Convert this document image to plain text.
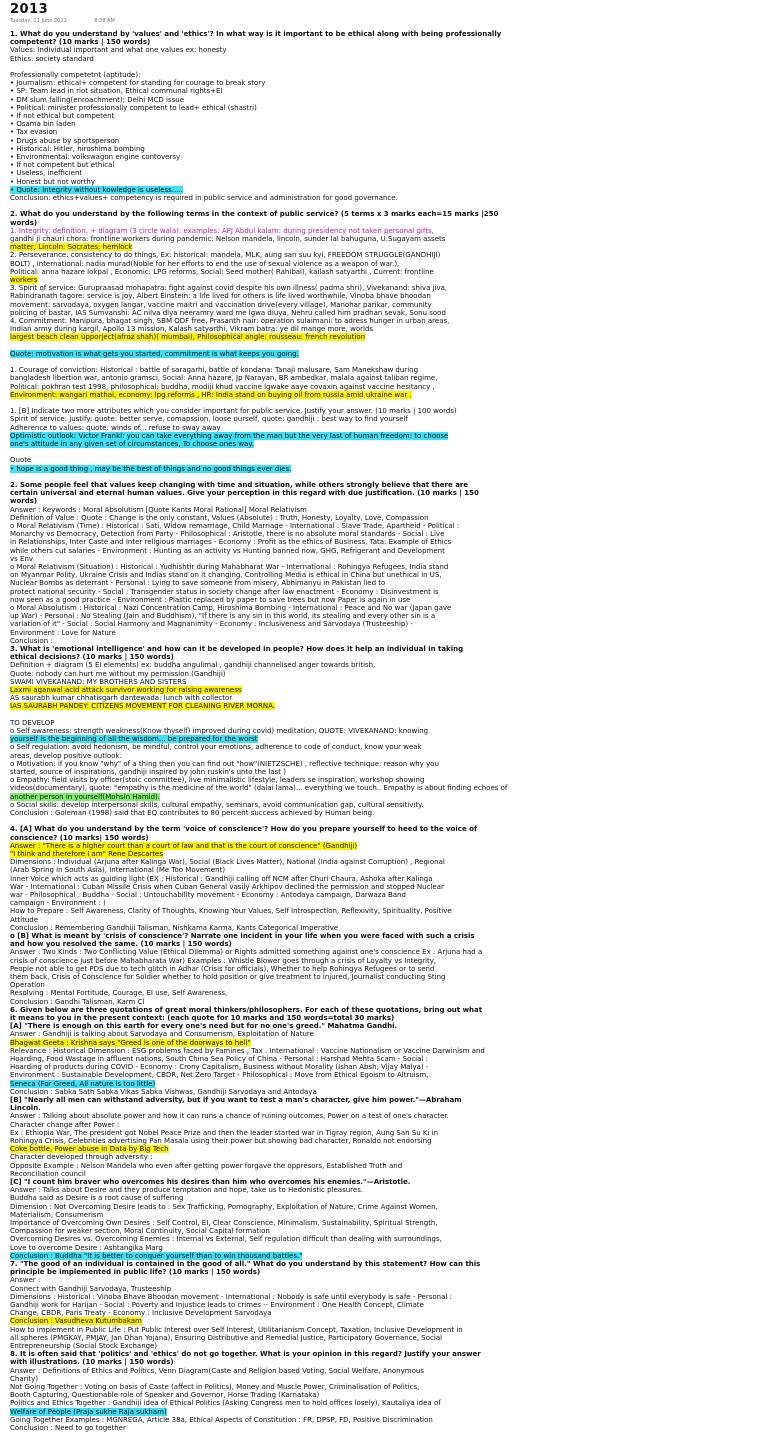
2013
Tuesday, 21 June 2022	8:38 AM
1. What do you understand by 'values' and 'ethics'? In what way is it important to be ethical along with being professionally
competent? (10 marks | 150 words)
Values: Individual important and what one values ex: honesty
Ethics: society standard
Professionally competetnt (aptitude):
• Journalism: ethical+ competent for standing for courage to break story
• SP: Team lead in riot situation, Ethical communal rights+EI
• DM slum falling(enroachment); Delhi MCD issue
• Political: minister professionally competent to lead+ ethical (shastri)
• If not ethical but competent
• Osama bin laden
• Tax evasion
• Drugs abuse by sportsperson
• Historical: Hitler, hiroshima bombing
• Environmental: volkswagon engine contoversy
• If not competent but ethical
• Useless, inefficient
• Honest but not worthy
• Quote: integrity without kowledge is useless.....
Conclusion: ethics+values+ competency is required in public service and administration for good governance.
2. What do you understand by the following terms in the context of public service? (5 terms x 3 marks each=15 marks |250
words)
1. Integrity: definition: + diagram (3 circle wala): examples: APJ Abdul kalam: during presidency not taken personal gifts,
gandhi ji chauri chora: frontline workers during pandemic: Nelson mandela, lincoln, sunder lal bahuguna, U.Sugayam assets
matter, Lincoln: Socrates: hemlock
2. Perseverance: consistency to do things, Ex: historical: mandela, MLK, aung san suu kyi, FREEDOM STRUGGLE(GANDHIJI)
BOLT) , international: nadia murad(Noble for her efforts to end the use of sexual violence as a weapon of war.),
Political: anna hazare lokpal , Economic: LPG reforms, Social: Seed mother( Rahibai), kailash satyarthi , Current: frontline
workers
3. Spirit of service: Gurupraasad mohapatra: fight against covid despite his own illness( padma shri), Vivekanand: shiva jiva,
Rabindranath tagore: service is joy, Albert Einstein: a life lived for others is life lived worthwhile, Vinoba bhave bhoodan
movement: sarvodaya, oxygen langar, vaccine maitri and vaccination drive(every village), Manohar parikar, community
policing of bastar, IAS Sumvanshi: AC nilva diya neeramry ward me lgwa diuya, Nehru called him pradhan sevak, Sonu sood
4. Commitment: Manipura, bhagat singh, SBM ODF free, Prasanth nair: operation sulaimani: to adress hunger in urban areas,
Indian army during kargil, Apollo 13 mission, Kalash satyarthi, Vikram batra: ye dil mange more, worlds
largest beach clean upporject(afroz shah)( mumbai), Philosophical angle: rousseau: french revolution
Quote: motivation is what gets you started, commitment is what keeps you going.
1. Courage of conviction: Historical : battle of saragarhi, battle of kondana: Tanaji malusare, Sam Manekshaw during
bangladesh libertion war, antonio gramsci, Social: Anna hazare, Jp Narayan, BR ambedkar, malala against taliban regime,
Political: pokhran test 1998, philosophical: buddha, modiji khud vaccine lgwake aaye covaxin against vaccine hesitancy ,
Environment: wangari mathai, economy: lpg reforms , HR: India stand on buying oil from russia amid ukraine war .
1. [B] Indicate two more attributes which you consider important for public service. Justify your answer. (10 marks | 100 words)
Spirit of service: justify: quote: better serve, comapssion, loose ourself, quote: gandhiji : best way to find yourself
Adherence to values: quote: winds of... refuse to sway away
Optimistic outlook: Victor Frankl: you can take everything away from the man but the very last of human freedom: to choose
one's attitude in any given set of circumstances, To choose ones way.
Quote
• hope is a good thing , may be the best of things and no good things ever dies.
2. Some people feel that values keep changing with time and situation, while others strongly believe that there are
certain universal and eternal human values. Give your perception in this regard with due justification. (10 marks | 150
words)
Answer : Keywords : Moral Absolutism [Quote Kants Moral Rational] Moral Relativism
Definition of Value : Quote : Change is the only constant, Values (Absolute) : Truth, Honesty, Loyalty, Love, Compassion
o Moral Relativism (Time) : Historical : Sati, Widow remarriage, Child Marriage - International : Slave Trade, Apartheid - Political :
Monarchy vs Democracy, Detection from Party - Philosophical : Aristotle, there is no absolute moral standards - Social : Live
in Relationships, Inter Caste and Inter religious marriages - Economy : Profit as the ethics of Business, Tata: Example of Ethics
while others cut salaries - Environment : Hunting as an activity vs Hunting banned now, GHG, Refrigerant and Development
vs Env
o Moral Relativism (Situation) : Historical : Yudhishtir during Mahabharat War - International : Rohingya Refugees, India stand
on Myanmar Polity, Ukraine Crisis and Indias stand on it changing, Controlling Media is ethical in China but unethical in US,
Nuclear Bombs as deterrant - Personal : Lying to save someone from misery, Abhimanyu in Pakistan lied to
protect national security - Social : Transgender status in society change after law enactment - Economy : Disinvestment is
now seen as a good practice - Environment : Plastic replaced by paper to save trees but now Paper is again in use
o Moral Absolutism : Historical : Nazi Concentration Camp, Hiroshima Bombing - International : Peace and No war (Japan gave
up War) - Personal : No Stealing (Jain and Buddhism), "If there is any sin in this world, its stealing and every other sin is a
variation of it" - Social : Social Harmony and Magnanimity - Economy : Inclusiveness and Sarvodaya (Trusteeship) -
Environment : Love for Nature
Conclusion :
3. What is 'emotional intelligence' and how can it be developed in people? How does it help an individual in taking
ethical decisions? (10 marks | 150 words)
Definition + diagram (5 EI elements) ex: buddha angulimal , gandhiji channelised anger towards british,
Quote: nobody can hurt me without my permission.(Gandhiji)
SWAMI VIVEKANAND: MY BROTHERS AND SISTERS
Laxmi aganwal acid attack survivor working for raising awareness
AS saurabh kumar chhatisgarh dantewada: lunch with collector
IAS SAURABH PANDEY: CITIZENS MOVEMENT FOR CLEANING RIVER MORNA.
TO DEVELOP
o Self awareness: strength weakness(Know thyself) improved during covid) meditation, QUOTE: VIVEKANAND: knowing
yourself is the beginning of all the wisdom... be prepared for the worst
o Self regulation: avoid hedonism, be mindful, control your emotions, adherence to code of conduct, know your weak
areas, develop positive outlook.
o Motivation: if you know "why" of a thing then you can find out "how"(NIETZSCHE) , reflective technique: reason why you
started, source of inspirations, gandhiji inspired by john ruskin's unto the last )
o Empathy: field visits by officer(stoic committee), live minimalistic lifestyle, leaders se inspiration, workshop showing
videos(documentary), quote: "empathy is the medicine of the world" (dalai lama)... everything we touch.. Empathy is about finding echoes of
another person in yourself(Mohsin Hamid).
o Social skills: develop interpersonal skills, cultural empathy, seminars, avoid communication gap, cultural sensitivity.
Conclusion : Goleman (1998) said that EQ contributes to 80 percent success achieved by Human being.
4. [A] What do you understand by the term 'voice of conscience'? How do you prepare yourself to heed to the voice of
conscience? (10 marks| 150 words)
Answer : "There is a higher court than a court of law and that is the court of conscience" (Gandhiji)
"I think and therefore I am" Rene Descartes
Dimensions : Individual (Arjuna after Kalinga War), Social (Black Lives Matter), National (India against Corruption) , Regional
(Arab Spring in South Asia), International (Me Too Movement)
Inner Voice which acts as guiding light (EX : Historical : Gandhiji calling off NCM after Churi Chaura, Ashoka after Kalinga
War - International : Cuban Missile Crisis when Cuban General vasily Arkhipov declined the permission and stopped Nuclear
war - Philosophical : Buddha - Social : Untouchability movement - Economy : Antodaya campaign, Darwaza Band
campaign - Environment : )
How to Prepare : Self Awareness, Clarity of Thoughts, Knowing Your Values, Self Introspection, Reflexivity, Spirituality, Positive
Attitude
Conclusion : Remembering Gandhiji Talisman, Nishkama Karma, Kants Categorical Imperative
o [B] What is meant by 'crisis of conscience'? Narrate one incident in your life when you were faced with such a crisis
and how you resolved the same. (10 marks | 150 words)
Answer : Two Kinds : Two Conflicting Value (Ethical Dilemma) or Rights admitted something against one's conscience Ex : Arjuna had a
crisis of conscience just before Mahabharata War) Examples : Whistle Blower goes through a crisis of Loyalty vs Integrity,
People not able to get PDS due to tech glitch in Adhar (Crisis for officials), Whether to help Rohingya Refugees or to send
them back, Crisis of Conscience for Soldier whether to hold position or give treatment to injured, Journalist conducting Sting
Operation
Resolving : Mental Fortitude, Courage, EI use, Self Awareness,
Conclusion : Gandhi Talisman, Karm Cl
6. Given below are three quotations of great moral thinkers/philosophers. For each of these quotations, bring out what
it means to you in the present context: (each quote for 10 marks and 150 words=total 30 marks)
[A] "There is enough on this earth for every one's need but for no one's greed." Mahatma Gandhi.
Answer : Gandhiji is talking about Sarvodaya and Consumerism, Exploitation of Nature
Bhagwat Geeta : Krishna says "Greed is one of the doorways to hell"
Relevance : Historical Dimension : ESG problems faced by Famines , Tax . International : Vaccine Nationalism or Vaccine Darwinism and
Hoarding, Food Wastage in affluent nations, South China Sea Policy of China - Personal : Harshad Mehta Scam - Social :
Hoarding of products during COVID - Economy : Crony Capitalism, Business without Morality (Ishan Absh, Vijay Malya) -
Environment : Sustainable Development, CBDR, Net Zero Target - Philosophical : Move from Ethical Egoism to Altruism,
Seneca (For Greed, All nature is too little)
Conclusion : Sabka Sath Sabka Vikas Sabka Vishwas, Gandhiji Sarvodaya and Antodaya
[B] "Nearly all men can withstand adversity, but if you want to test a man's character, give him power."—Abraham
Lincoln.
Answer : Talking about absolute power and how it can runs a chance of ruining outcomes, Power on a test of one's character.
Character change after Power :
Ex : Ethiopia War, The president got Nobel Peace Prize and then the leader started war in Tigray region, Aung San Su Ki in
Rohingya Crisis, Celebrities advertising Pan Masala using their power but showing bad character, Ronaldo not endorsing
Coke bottle, Power abuse in Data by Big Tech
Character developed through adversity :
Opposite Example : Nelson Mandela who even after getting power forgave the oppresors, Established Truth and
Reconciliation council
[C] "I count him braver who overcomes his desires than him who overcomes his enemies."—Aristotle.
Answer : Talks about Desire and they produce temptation and hope, take us to Hedonistic pleasures.
Buddha said as Desire is a root cause of suffering
Dimension : Not Overcoming Desire leads to : Sex Trafficking, Pornography, Exploitation of Nature, Crime Against Women,
Materialism, Consumerism
Importance of Overcoming Own Desires : Self Control, EI, Clear Conscience, Minimalism, Sustainability, Spiritual Strength,
Compassion for weaker section, Moral Continuity, Social Capital formation
Overcoming Desires vs. Overcoming Enemies : Internal vs External, Self regulation difficult than dealing with surroundings,
Love to overcome Desire : Ashtangika Marg
Conclusion : Buddha "It is better to conquer yourself than to win thousand battles."
7. "The good of an individual is contained in the good of all." What do you understand by this statement? How can this
principle be implemented in public life? (10 marks | 150 words)
Answer :
Connect with Gandhiji Sarvodaya, Trusteeship
Dimensions : Historical : Vinoba Bhave Bhoodan movement - International : Nobody is safe until everybody is safe - Personal :
Gandhiji work for Harijan - Social : Poverty and Injustice leads to crimes -- Environment : One Health Concept, Climate
Change, CBDR, Paris Treaty - Economy : Inclusive Development Sarvodaya
Conclusion : Vasudheva Kutumbakam
How to implement in Public Life : Put Public Interest over Self Interest, Utilitarianism Concept, Taxation, Inclusive Development in
all spheres (PMGKAY, PMJAY, Jan Dhan Yojana), Ensuring Distributive and Remedial Justice, Participatory Governance, Social
Entrepreneurship (Social Stock Exchange)
8. It is often said that 'politics' and 'ethics' do not go together. What is your opinion in this regard? Justify your answer
with illustrations. (10 marks | 150 words)
Answer : Definitions of Ethics and Politics, Venn Diagram(Caste and Religion based Voting, Social Welfare, Anonymous
Charity)
Not Going Together : Voting on basis of Caste (affect in Politics), Money and Muscle Power, Criminalisation of Politics,
Booth Capturing, Questionable role of Speaker and Governor, Horse Trading (Karnataka)
Politics and Ethics Together : Gandhiji idea of Ethical Politics (Asking Congress men to hold offices losely), Kautaliya idea of
Welfare of People (Praja sukhe Raja sukham)
Going Together Examples : MGNREGA, Article 38a, Ethical Aspects of Constitution : FR, DPSP, FD, Positive Discrimination
Conclusion : Need to go together
